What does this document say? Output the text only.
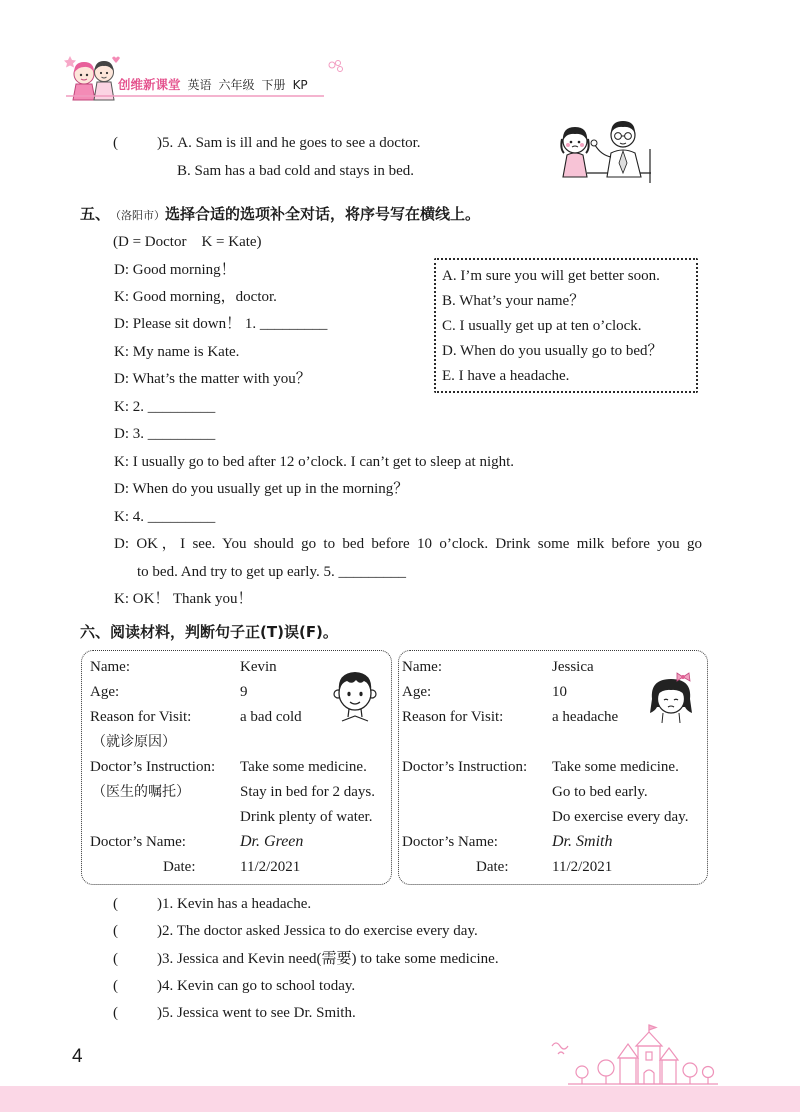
创维新课堂 英语 六年级 下册 KP
(	) 5. A. Sam is ill and he goes to see a doctor.
B. Sam has a bad cold and stays in bed.
五、 （洛阳市） 选择合适的选项补全对话，将序号写在横线上。
(D = Doctor    K = Kate)
D: Good morning！
K: Good morning，doctor.
D: Please sit down！ 1. _________
K: My name is Kate.
D: What’s the matter with you？
K: 2. _________
D: 3. _________
K: I usually go to bed after 12 o’clock. I can’t get to sleep at night.
D: When do you usually get up in the morning？
K: 4. _________
D: OK，I see. You should go to bed before 10 o’clock. Drink some milk before you go
to bed. And try to get up early. 5. _________
K: OK！ Thank you！
A. I’m sure you will get better soon.
B. What’s your name？
C. I usually get up at ten o’clock.
D. When do you usually go to bed？
E. I have a headache.
六、 阅读材料，判断句子正(T)误(F)。
Name:	Kevin
Age:	9
Reason for Visit:	a bad cold
（就诊原因）
Doctor’s Instruction: Take some medicine.
（医生的嘱托）	Stay in bed for 2 days.
Drink plenty of water.
Doctor’s Name:	Dr. Green
Date:	11/2/2021
Name:	Jessica
Age:	10
Reason for Visit:	a headache
Doctor’s Instruction: Take some medicine.
Go to bed early.
Do exercise every day.
Doctor’s Name:	Dr. Smith
Date:	11/2/2021
(	) 1. Kevin has a headache.
(	) 2. The doctor asked Jessica to do exercise every day.
(	) 3. Jessica and Kevin need(需要) to take some medicine.
(	) 4. Kevin can go to school today.
(	) 5. Jessica went to see Dr. Smith.
4
